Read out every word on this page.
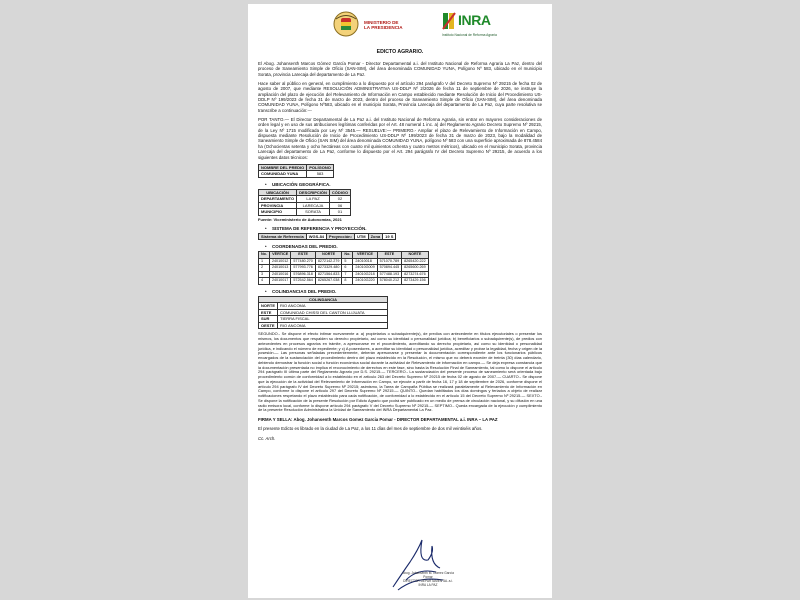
MINISTERIO DE
LA PRESIDENCIA	INRA
Instituto Nacional de Reforma Agraria
EDICTO AGRARIO.

El Abog. Johansenth Marcos Gómez García Pomar - Director Departamental a.i. del Instituto Nacional de Reforma Agraria La Paz, dentro del proceso de Saneamiento Simple de Oficio (SAN-SIM), del área denominada COMUNIDAD YUNA, Polígono Nº 583, ubicado en el municipio Sorata, provincia Larecaja del departamento de La Paz.

Hace saber al público en general, en cumplimiento a lo dispuesto por el artículo 294 parágrafo V del Decreto Supremo Nº 29215 de fecha 02 de agosto de 2007, que mediante RESOLUCIÓN ADMINISTRATIVA US-DDLP Nº 2/2026 de fecha 11 de septiembre de 2026, se instruye la ampliación del plazo de ejecución del Relevamiento de Información en Campo establecido mediante Resolución de Inicio del Procedimiento US-DDLP Nº 199/2023 de fecha 31 de marzo de 2023, dentro del proceso de Saneamiento Simple de Oficio (SAN-SIM), del área denominada COMUNIDAD YUNA, Polígono Nº583, ubicado en el municipio Sorata, Provincia Larecaja del departamento de La Paz, cuya parte resolutiva se transcribe a continuación:---

POR TANTO.— El Director Departamental de La Paz a.i. del Instituto Nacional de Reforma Agraria, sin entrar en mayores consideraciones de orden legal y en uso de sus atribuciones legítimas conferidas por el Art. 48 numeral 1 inc. a) del Reglamento Agrario Decreto Supremo Nº 29215, de la Ley Nº 1715 modificada por Ley Nº 3545.— RESUELVE:— PRIMERO.- Ampliar el plazo de Relevamiento de Información en Campo, dispuesta mediante Resolución de Inicio de Procedimiento US-DDLP Nº 199/2023 de fecha 31 de marzo de 2023, bajo la modalidad de Saneamiento Simple de Oficio (SAN SIM) del área denominada COMUNIDAD YUNA, polígono Nº 583 con una superficie aproximada de 878.4584 ha (Ochocientas setenta y ocho hectáreas con cuatro mil quinientos ochenta y cuatro metros métricos), ubicado en el municipio Sorata, provincia Larecaja del departamento de La Paz, conforme lo dispuesto por el Art. 294 parágrafo IV del Decreto Supremo Nº 29215, de acuerdo a los siguientes datos técnicos:

NOMBRE DEL PREDIO	POLÍGONO
COMUNIDAD YUNA	583
• UBICACIÓN GEOGRÁFICA.
UBICACIÓN	DESCRIPCIÓN	CÓDIGO
DEPARTAMENTO	LA PAZ	02
PROVINCIA	LARECAJA	06
MUNICIPIO	SORATA	01
Fuente: Viceministerio de Autonomías, 2021
• SISTEMA DE REFERENCIA Y PROYECCIÓN.
Sistema de Referencia	WGS-84	Proyección:	UTM	Zona	19 S
• COORDENADAS DEL PREDIO.
No.	VÉRTICE	ESTE	NORTE	No.	VÉRTICE	ESTE	NORTE
1	24010012	577480.270	8272142.279	5	24010018	571070.789	8265420.222
2	24010013	577993.776	8273329.480	6	24010G009	570894.445	8265600.269
3	24010016	576896.318	8271564.833	7	24010G218	577488.193	8273274.676
4	24010017	572542.564	8265267.038	8	24010G220	578040.212	8273429.156
• COLINDANCIAS DEL PREDIO.
COLINDANCIA	
NORTE	RIO ANCOMA
ESTE	COMUNIDAD CHISSI DEL CANTON LLIJUATA
SUR	TIERRA FISCAL
OESTE	RIO ANCOMA

SEGUNDO.- Se dispone el efecto intimar nuevamente a: a) propietarios o subadquirente(s), de predios con antecedente en títulos ejecutoriales o presentar los mismos, los documentos que respalden su derecho propietario, así como su identidad o personalidad jurídica; b) beneficiarios o subadquirente(s), de predios con antecedentes en procesos agrarios en trámite, a apersonarse en el procedimiento, acreditando su derecho propietario, así como su identidad o personalidad jurídica, e indicando el número de expediente; y c) A poseedores, a acreditar su identidad o personalidad jurídica, acreditar y probar la legalidad, fecha y origen de la posesión.— Las personas señaladas precedentemente, deberán apersonarse y presentar la documentación correspondiente ante los funcionarios públicos encargados de la sustanciación del procedimiento dentro del plazo establecido en la Resolución, el mismo que no deberá exceder de treinta (30) días calendario, debiendo demostrar la función social o función económica social durante la actividad de Relevamiento de información en campo.— Se deja expresa constancia que la documentación presentada no implica el reconocimiento de derechos en este fase, sino hasta la Resolución Final de Saneamiento, tal como lo dispone el artículo 294 parágrafo III última parte del Reglamento Agrario por D.S. 29215.— TERCERO.- La sustanciación del presente proceso de saneamiento será orientada bajo procedimiento común de conformidad a lo establecido en el artículo 263 del Decreto Supremo Nº 29215 de fecha 02 de agosto de 2007.— CUARTO.- Se dispone que la ejecución de la actividad del Relevamiento de Información en Campo, se ejecute a partir de fecha 16, 17 y 18 de septiembre de 2026, conforme dispone el artículo 294 parágrafo IV del Decreto Supremo Nº 29215; asimismo, la Tarea de Campaña Pública se realizará paralelamente al Relevamiento de Información en Campo, conforme lo dispone el artículo 297 del Decreto Supremo Nº 29215.— QUINTO.- Quedan habilitados los días domingos y feriados a objeto de realizar notificaciones respetando el plazo establecido para cada notificación, de conformidad a lo establecido en el artículo 15 del Decreto Supremo Nº 29215.— SEXTO.- Se dispone la notificación de la presente Resolución por Edicto Agrario que podrá ser publicado en un medio de prensa de circulación nacional, y su difusión en una radio emisora local, conforme lo dispone artículo 294 parágrafo V del Decreto Supremo Nº 29215.— SEPTIMO.- Queda encargada de la ejecución y cumplimiento de la presente Resolución Administrativa la Unidad de Saneamiento del INRA Departamental La Paz.

FIRMA Y SELLA: Abog. Johansenth Marcos Gomez Garcia Pomar - DIRECTOR DEPARTAMENTAL a.i. INRA – LA PAZ

El presente Edicto es librado en la ciudad de La Paz, a los 11 días del mes de septiembre de dos mil veintiséis años.

Cc. Arch.
Abog. Johansenth M. Gómez García Pomar
DIRECTOR DEPARTAMENTAL a.i.
INRA LA PAZ
